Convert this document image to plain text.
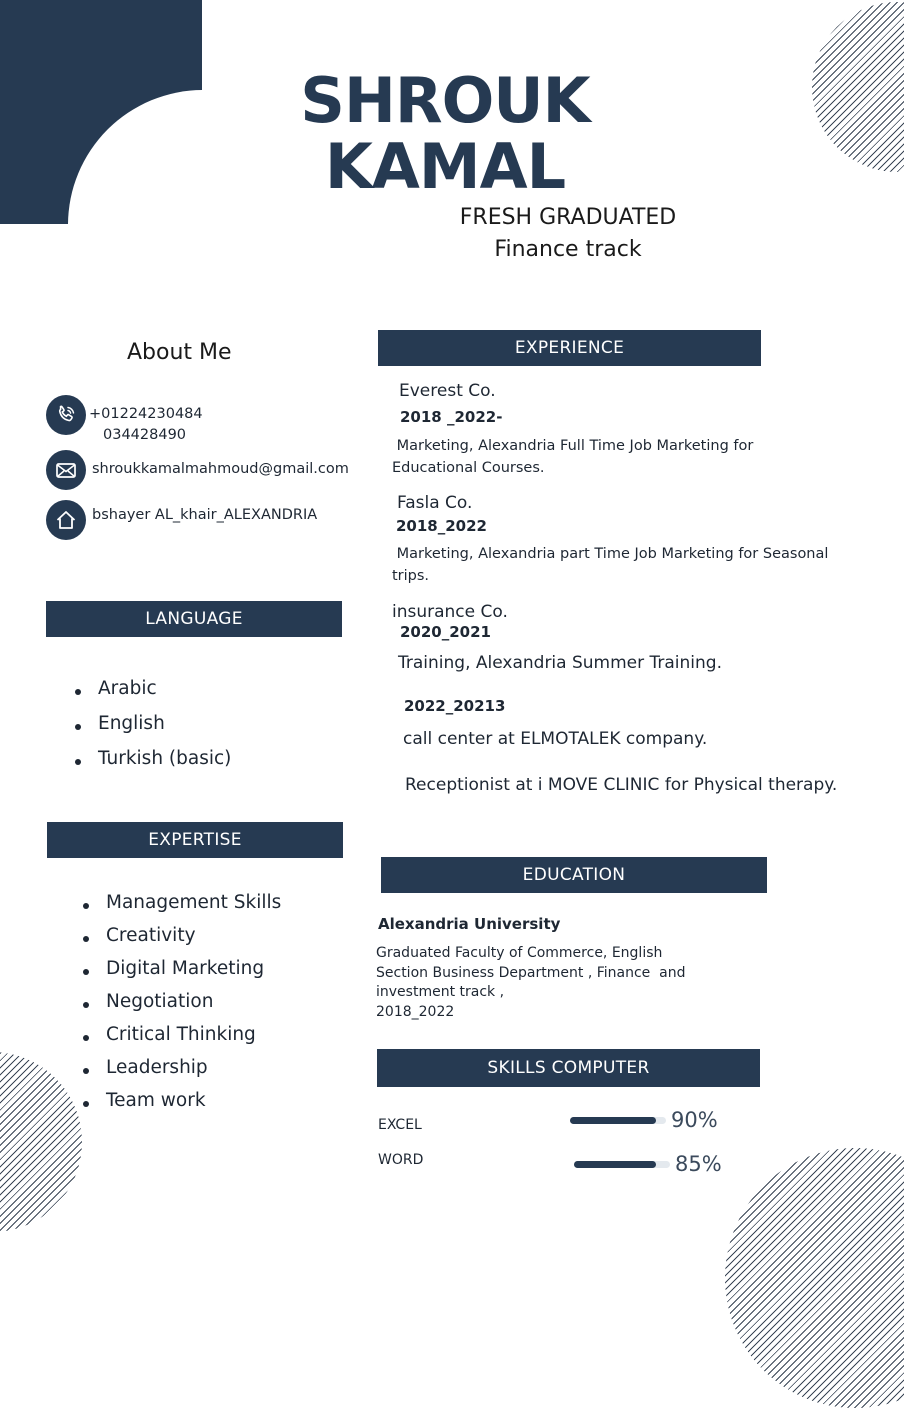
SHROUK
KAMAL
FRESH GRADUATED
Finance track
About Me
+01224230484
034428490
shroukkamalmahmoud@gmail.com
bshayer AL_khair_ALEXANDRIA
LANGUAGE
Arabic
English
Turkish (basic)
EXPERTISE
Management Skills
Creativity
Digital Marketing
Negotiation
Critical Thinking
Leadership
Team work
EXPERIENCE
Everest Co.
2018 _2022-
Marketing, Alexandria Full Time Job Marketing for
Educational Courses.
Fasla Co.
2018_2022
Marketing, Alexandria part Time Job Marketing for Seasonal
trips.
insurance Co.
2020_2021
Training, Alexandria Summer Training.
2022_20213
call center at ELMOTALEK company.
Receptionist at i MOVE CLINIC for Physical therapy.
EDUCATION
Alexandria University
Graduated Faculty of Commerce, English
Section Business Department , Finance  and
investment track ,
2018_2022
SKILLS COMPUTER
EXCEL	90%
WORD	85%
